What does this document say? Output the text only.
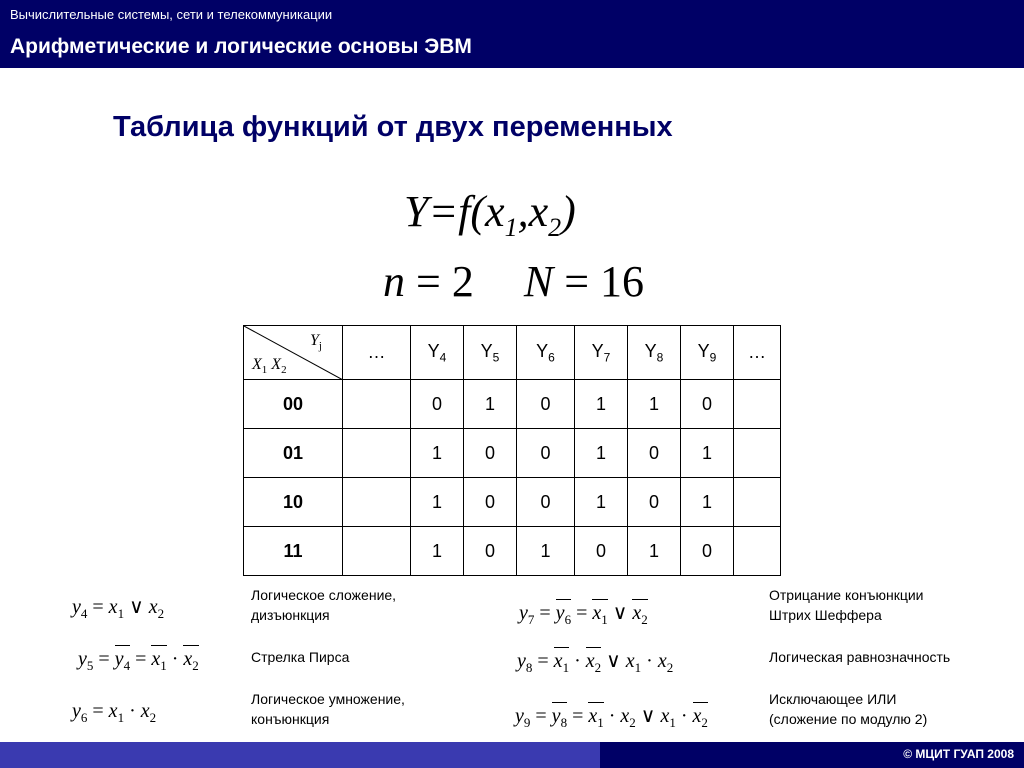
Вычислительные системы, сети и телекоммуникации
Арифметические и логические основы ЭВМ
Таблица функций от двух переменных
$Y=f(x_1,x_2)$
n = 2 N = 16
$Y_j$
$X_1$ $X_2$	…	$Y_4$	$Y_5$	$Y_6$	$Y_7$	$Y_8$	$Y_9$	…
00		0	1	0	1	1	0	
01		1	0	0	1	0	1	
10		1	0	0	1	0	1	
11		1	0	1	0	1	0	
$y_4 = x_1$ ∨ $x_2$
Логическое сложение,
дизъюнкция
$y_5 = y_4 = x_1 \cdot x_2$
Стрелка Пирса
$y_6 = x_1 \cdot x_2$
Логическое умножение,
конъюнкция
$y_7 = y_6 = x_1$ ∨ $x_2$
Отрицание конъюнкции
Штрих Шеффера
$y_8 = x_1 \cdot x_2$ ∨ $x_1 \cdot x_2$
Логическая равнозначность
$y_9 = y_8 = x_1 \cdot x_2$ ∨ $x_1 \cdot x_2$
Исключающее ИЛИ
(сложение по модулю 2)
© МЦИТ ГУАП 2008
